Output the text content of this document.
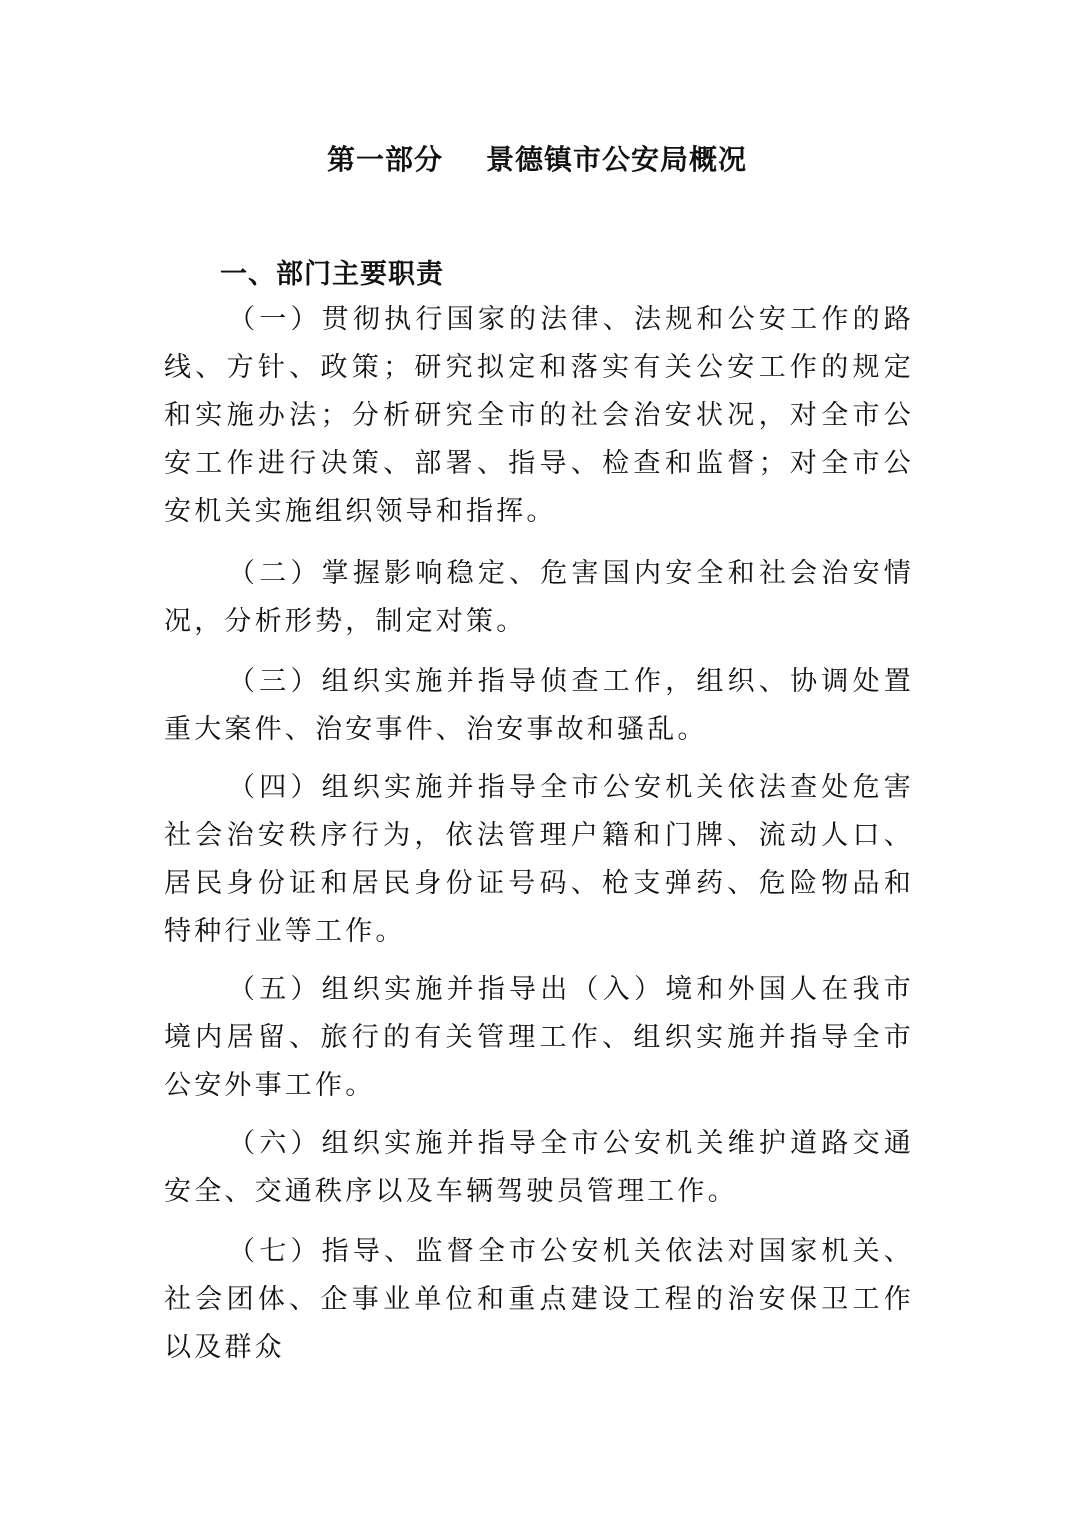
第一部分    景德镇市公安局概况
一、部门主要职责

（一）贯彻执行国家的法律、法规和公安工作的路线、方针、政策；研究拟定和落实有关公安工作的规定和实施办法；分析研究全市的社会治安状况，对全市公安工作进行决策、部署、指导、检查和监督；对全市公安机关实施组织领导和指挥。

（二）掌握影响稳定、危害国内安全和社会治安情况，分析形势，制定对策。

（三）组织实施并指导侦查工作，组织、协调处置重大案件、治安事件、治安事故和骚乱。

（四）组织实施并指导全市公安机关依法查处危害社会治安秩序行为，依法管理户籍和门牌、流动人口、居民身份证和居民身份证号码、枪支弹药、危险物品和特种行业等工作。

（五）组织实施并指导出（入）境和外国人在我市境内居留、旅行的有关管理工作、组织实施并指导全市公安外事工作。

（六）组织实施并指导全市公安机关维护道路交通安全、交通秩序以及车辆驾驶员管理工作。

（七）指导、监督全市公安机关依法对国家机关、社会团体、企事业单位和重点建设工程的治安保卫工作以及群众
